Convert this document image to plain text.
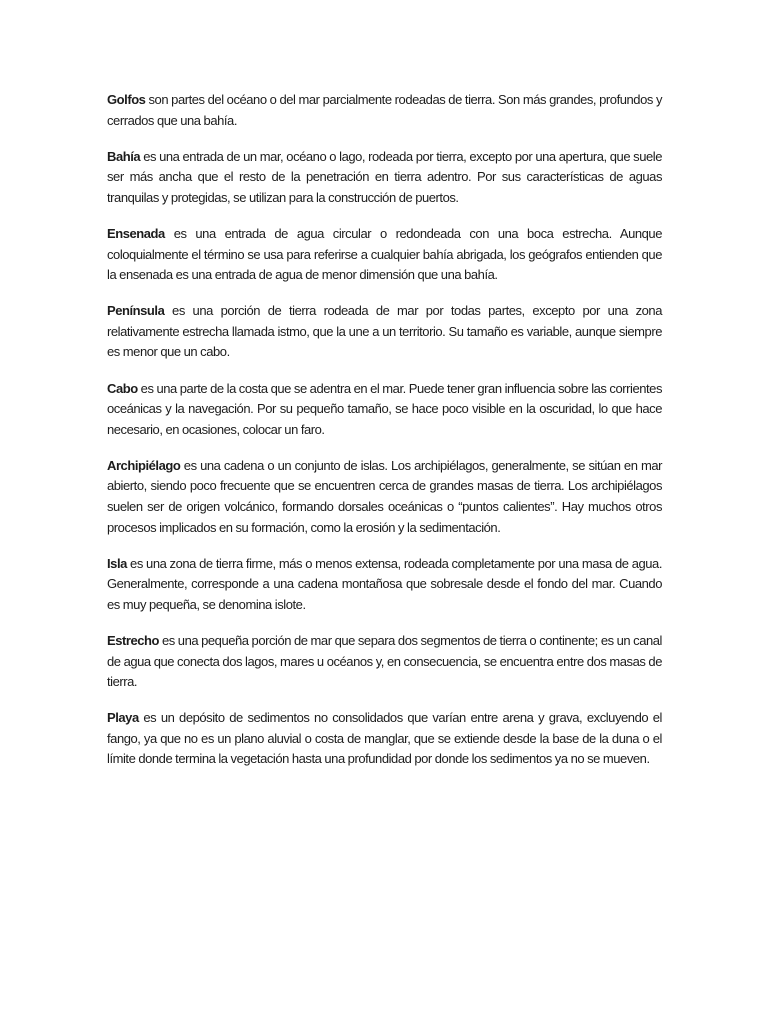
Golfos son partes del océano o del mar parcialmente rodeadas de tierra. Son más grandes, profundos y cerrados que una bahía.

Bahía es una entrada de un mar, océano o lago, rodeada por tierra, excepto por una apertura, que suele ser más ancha que el resto de la penetración en tierra adentro. Por sus características de aguas tranquilas y protegidas, se utilizan para la construcción de puertos.

Ensenada es una entrada de agua circular o redondeada con una boca estrecha. Aunque coloquialmente el término se usa para referirse a cualquier bahía abrigada, los geógrafos entienden que la ensenada es una entrada de agua de menor dimensión que una bahía.

Península es una porción de tierra rodeada de mar por todas partes, excepto por una zona relativamente estrecha llamada istmo, que la une a un territorio. Su tamaño es variable, aunque siempre es menor que un cabo.

Cabo es una parte de la costa que se adentra en el mar. Puede tener gran influencia sobre las corrientes oceánicas y la navegación. Por su pequeño tamaño, se hace poco visible en la oscuridad, lo que hace necesario, en ocasiones, colocar un faro.

Archipiélago es una cadena o un conjunto de islas. Los archipiélagos, generalmente, se sitúan en mar abierto, siendo poco frecuente que se encuentren cerca de grandes masas de tierra. Los archipiélagos suelen ser de origen volcánico, formando dorsales oceánicas o “puntos calientes”. Hay muchos otros procesos implicados en su formación, como la erosión y la sedimentación.

Isla es una zona de tierra firme, más o menos extensa, rodeada completamente por una masa de agua. Generalmente, corresponde a una cadena montañosa que sobresale desde el fondo del mar. Cuando es muy pequeña, se denomina islote.

Estrecho es una pequeña porción de mar que separa dos segmentos de tierra o continente; es un canal de agua que conecta dos lagos, mares u océanos y, en consecuencia, se encuentra entre dos masas de tierra.

Playa es un depósito de sedimentos no consolidados que varían entre arena y grava, excluyendo el fango, ya que no es un plano aluvial o costa de manglar, que se extiende desde la base de la duna o el límite donde termina la vegetación hasta una profundidad por donde los sedimentos ya no se mueven.
